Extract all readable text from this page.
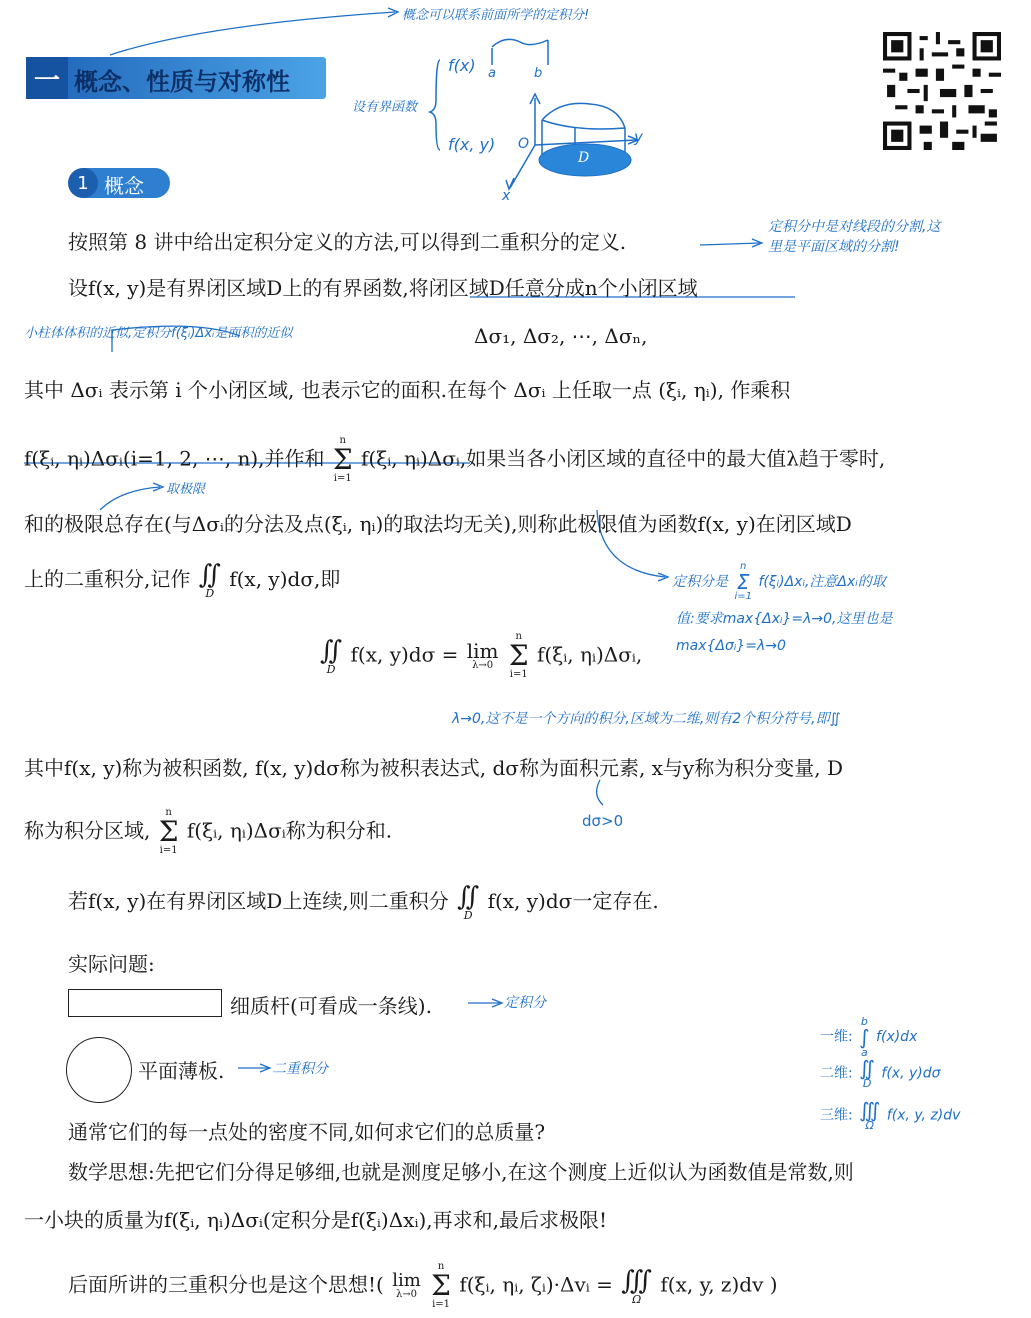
概念可以联系前面所学的定积分!
一 概念、性质与对称性
1 概念
设有界函数
f(x) a	b
f(x, y) O	y
x
D
定积分中是对线段的分割,这
里是平面区域的分割!
小柱体体积的近似,定积分f(ξᵢ)Δxᵢ是面积的近似
取极限
定积分是
n
Σ
i=1
f(ξᵢ)Δxᵢ,注意Δxᵢ的取
值:要求max{Δxᵢ}=λ→0,这里也是
max{Δσᵢ}=λ→0
λ→0,这不是一个方向的积分,区域为二维,则有2个积分符号,即∬
dσ>0
定积分
二重积分
一维:
b
∫
a
f(x)dx
二维: ∬
D
f(x, y)dσ
三维: ∭
Ω
f(x, y, z)dv
按照第 8 讲中给出定积分定义的方法,可以得到二重积分的定义.
设f(x, y)是有界闭区域D上的有界函数,将闭区域D任意分成n个小闭区域
Δσ₁, Δσ₂, ⋯, Δσₙ,
其中 Δσᵢ 表示第 i 个小闭区域, 也表示它的面积.在每个 Δσᵢ 上任取一点 (ξᵢ, ηᵢ), 作乘积
f(ξᵢ, ηᵢ)Δσᵢ(i=1, 2, ⋯, n),并作和
n
Σ
i=1
f(ξᵢ, ηᵢ)Δσᵢ,如果当各小闭区域的直径中的最大值λ趋于零时,
和的极限总存在(与Δσᵢ的分法及点(ξᵢ, ηᵢ)的取法均无关),则称此极限值为函数f(x, y)在闭区域D
上的二重积分,记作 ∬
D
f(x, y)dσ,即
∬
D
f(x, y)dσ = lim
λ→0

n
Σ
i=1
f(ξᵢ, ηᵢ)Δσᵢ,
其中f(x, y)称为被积函数, f(x, y)dσ称为被积表达式, dσ称为面积元素, x与y称为积分变量, D
称为积分区域,
n
Σ
i=1
f(ξᵢ, ηᵢ)Δσᵢ称为积分和.
若f(x, y)在有界闭区域D上连续,则二重积分 ∬
D
f(x, y)dσ一定存在.
实际问题:
细质杆(可看成一条线).
平面薄板.
通常它们的每一点处的密度不同,如何求它们的总质量?
数学思想:先把它们分得足够细,也就是测度足够小,在这个测度上近似认为函数值是常数,则
一小块的质量为f(ξᵢ, ηᵢ)Δσᵢ(定积分是f(ξᵢ)Δxᵢ),再求和,最后求极限!
后面所讲的三重积分也是这个思想!( lim
λ→0

n
Σ
i=1
f(ξᵢ, ηᵢ, ζᵢ)·Δvᵢ = ∭
Ω
f(x, y, z)dv )
